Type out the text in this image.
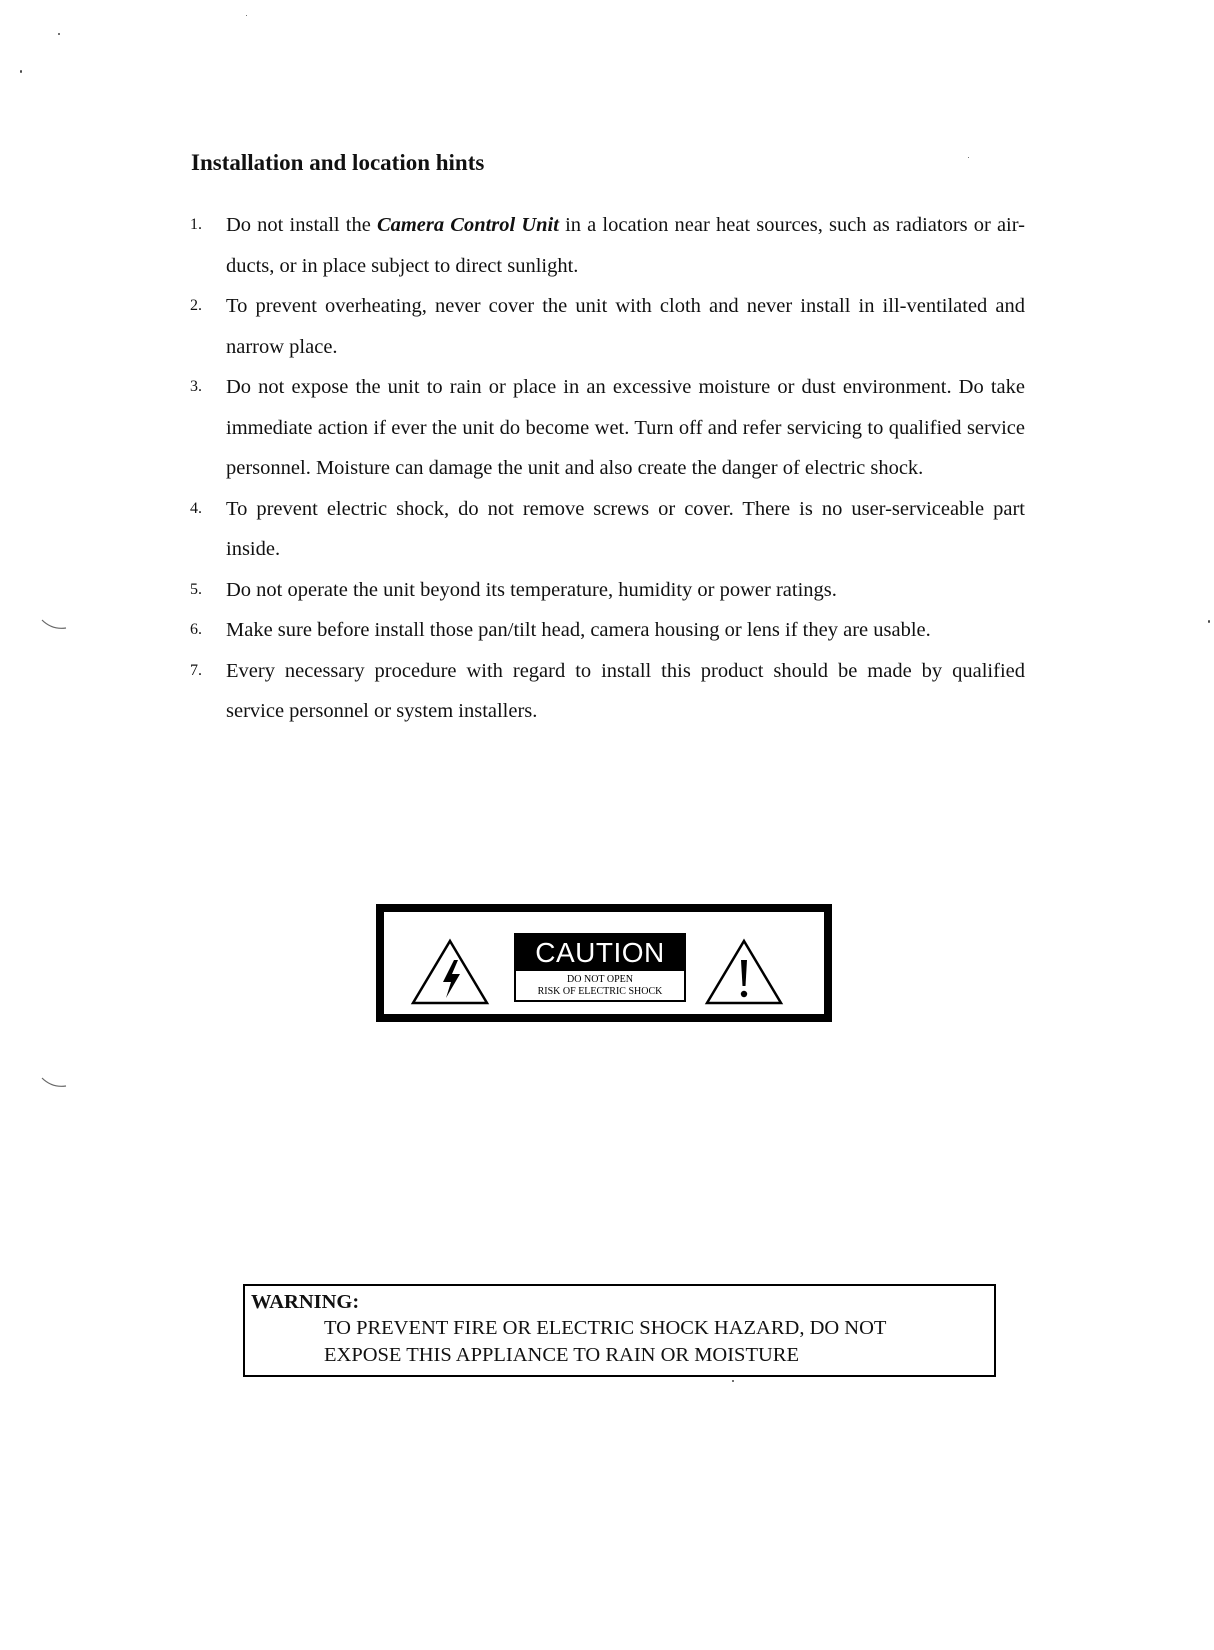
Installation and location hints
1. Do not install the Camera Control Unit in a location near heat sources, such as radiators or air-ducts, or in place subject to direct sunlight.
2. To prevent overheating, never cover the unit with cloth and never install in ill-ventilated and narrow place.
3. Do not expose the unit to rain or place in an excessive moisture or dust environment. Do take immediate action if ever the unit do become wet. Turn off and refer servicing to qualified service personnel. Moisture can damage the unit and also create the danger of electric shock.
4. To prevent electric shock, do not remove screws or cover. There is no user-serviceable part inside.
5. Do not operate the unit beyond its temperature, humidity or power ratings.
6. Make sure before install those pan/tilt head, camera housing or lens if they are usable.
7. Every necessary procedure with regard to install this product should be made by qualified service personnel or system installers.
CAUTION
DO NOT OPEN
RISK OF ELECTRIC SHOCK
WARNING:
TO PREVENT FIRE OR ELECTRIC SHOCK HAZARD, DO NOT
EXPOSE THIS APPLIANCE TO RAIN OR MOISTURE
